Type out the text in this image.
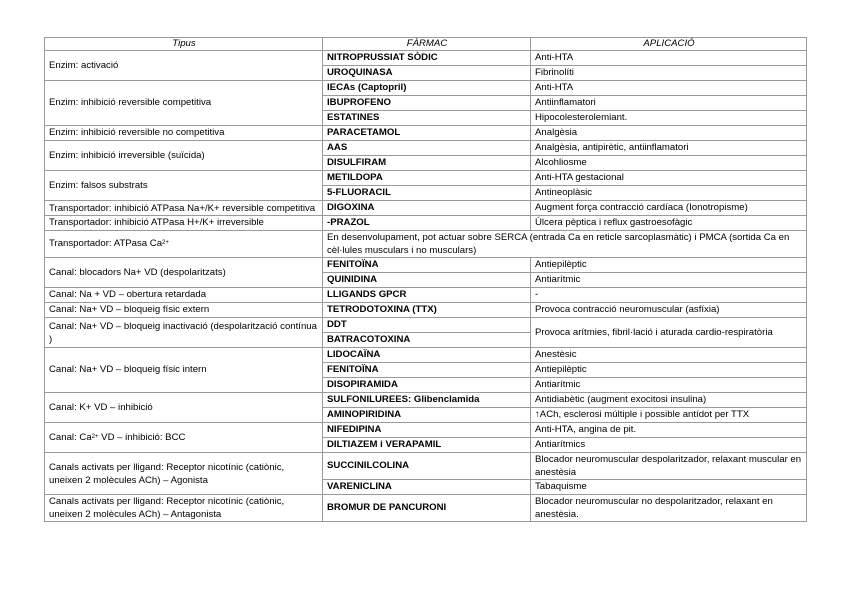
Tipus	FÀRMAC	APLICACIÓ
Enzim: activació	NITROPRUSSIAT SÒDIC	Anti-HTA
	UROQUINASA	Fibrinolíti
Enzim: inhibició reversible competitiva	IECAs (Captopril)	Anti-HTA
	IBUPROFENO	Antiinflamatori
	ESTATINES	Hipocolesterolemiant.
Enzim: inhibició reversible no competitiva	PARACETAMOL	Analgèsia
Enzim: inhibició irreversible (suïcida)	AAS	Analgèsia, antipirètic, antiinflamatori
	DISULFIRAM	Alcohliosme
Enzim: falsos substrats	METILDOPA	Anti-HTA gestacional
	5-FLUORACIL	Antineoplàsic
Transportador: inhibició ATPasa Na+/K+ reversible competitiva	DIGOXINA	Augment força contracció cardíaca (Ionotropisme)
Transportador: inhibició ATPasa H+/K+ irreversible	-PRAZOL	Úlcera pèptica i reflux gastroesofàgic
Transportador: ATPasa $Ca^{2+}$	En desenvolupament, pot actuar sobre SERCA (entrada Ca en reticle sarcoplasmàtic) i PMCA (sortida Ca en cèl·lules musculars i no musculars)	
Canal: blocadors Na+ VD (despolaritzats)	FENITOÏNA	Antiepilèptic
	QUINIDINA	Antiarítmic
Canal: Na + VD – obertura retardada	LLIGANDS GPCR	-
Canal: Na+ VD – bloqueig físic extern	TETRODOTOXINA (TTX)	Provoca contracció neuromuscular (asfíxia)
Canal: Na+ VD – bloqueig inactivació (despolarització contínua )	DDT	Provoca arítmies, fibril·lació i aturada cardio-respiratòria
	BATRACOTOXINA	
Canal: Na+ VD – bloqueig físic intern	LIDOCAÏNA	Anestèsic
	FENITOÏNA	Antiepilèptic
	DISOPIRAMIDA	Antiarítmic
Canal: K+ VD – inhibició	SULFONILUREES: Glibenclamida	Antidiabètic (augment exocitosi insulina)
	AMINOPIRIDINA	↑ACh, esclerosi múltiple i possible antídot per TTX
Canal: $Ca^{2+}$ VD – inhibició: BCC	NIFEDIPINA	Anti-HTA, angina de pit.
	DILTIAZEM i VERAPAMIL	Antiarítmics
Canals activats per lligand: Receptor nicotínic (catiònic, uneixen 2 molècules ACh) – Agonista	SUCCINILCOLINA	Blocador neuromuscular despolaritzador, relaxant muscular en anestèsia
	VARENICLINA	Tabaquisme
Canals activats per lligand: Receptor nicotínic (catiònic, uneixen 2 molècules ACh) – Antagonista	BROMUR DE PANCURONI	Blocador neuromuscular no despolaritzador, relaxant en anestèsia.
